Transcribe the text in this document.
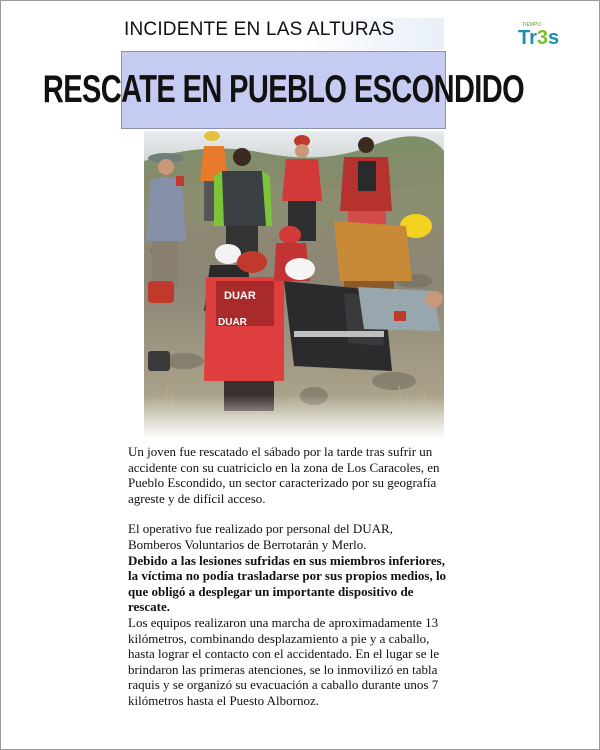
INCIDENTE EN LAS ALTURAS	TIEMPO
Tr3s
RESCATE EN PUEBLO ESCONDIDO
DUAR
DUAR

Un joven fue rescatado el sábado por la tarde tras sufrir un accidente con su cuatriciclo en la zona de Los Caracoles, en Pueblo Escondido, un sector caracterizado por su geografía agreste y de difícil acceso.

El operativo fue realizado por personal del DUAR, Bomberos Voluntarios de Berrotarán y Merlo.

Debido a las lesiones sufridas en sus miembros inferiores, la víctima no podía trasladarse por sus propios medios, lo que obligó a desplegar un importante dispositivo de rescate.

Los equipos realizaron una marcha de aproximadamente 13 kilómetros, combinando desplazamiento a pie y a caballo, hasta lograr el contacto con el accidentado. En el lugar se le brindaron las primeras atenciones, se lo inmovilizó en tabla raquis y se organizó su evacuación a caballo durante unos 7 kilómetros hasta el Puesto Albornoz.
